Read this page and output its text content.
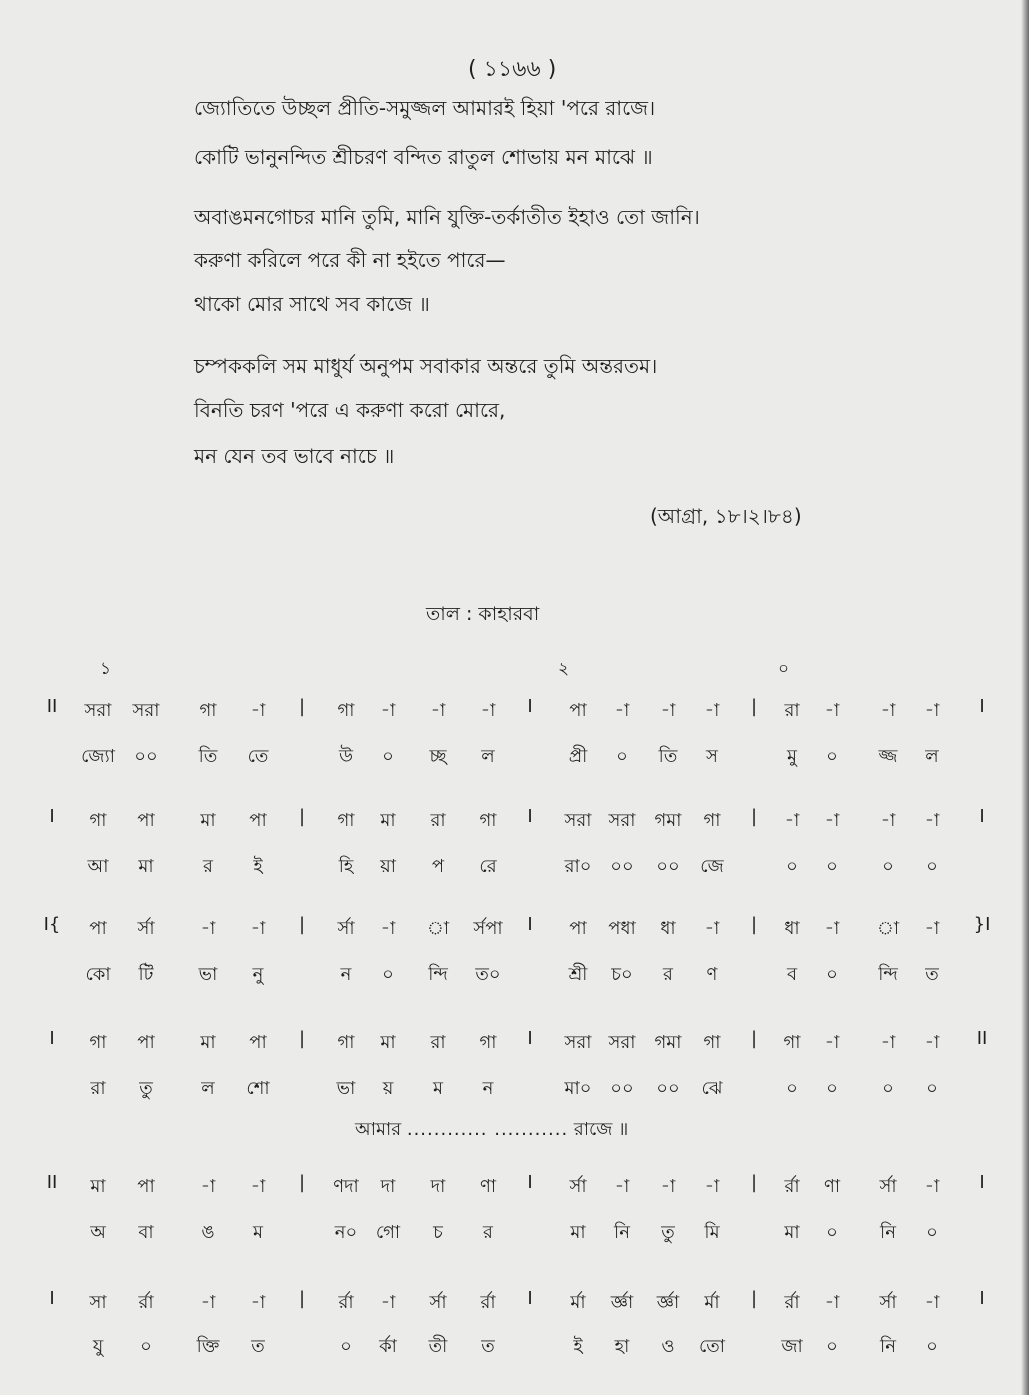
( ১১৬৬ )
জ্যোতিতে উচ্ছল প্রীতি-সমুজ্জল আমারই হিয়া 'পরে রাজে।
কোটি ভানুনন্দিত শ্রীচরণ বন্দিত রাতুল শোভায় মন মাঝে ॥
অবাঙমনগোচর মানি তুমি, মানি যুক্তি-তর্কাতীত ইহাও তো জানি।
করুণা করিলে পরে কী না হইতে পারে—
থাকো মোর সাথে সব কাজে ॥
চম্পককলি সম মাধুর্য অনুপম সবাকার অন্তরে তুমি অন্তরতম।
বিনতি চরণ 'পরে এ করুণা করো মোরে,
মন যেন তব ভাবে নাচে ॥
(আগ্রা, ১৮।২।৮৪)
তাল : কাহারবা
১	২	০
II সরা সরা গা -া | গা -া -া -া I পা -া -া -া | রা -া -া -া I
জ্যো ০০ তি তে	উ ০ চ্ছ ল	প্রী ০ তি স	মু ০ জ্জ ল
I গা পা	মা পা | গা মা রা গা I সরা সরা গমা গা | -া -া -া -া I
আ মা	র ই	হি য়া প রে	রা০ ০০ ০০ জে	০ ০ ০ ০
I{ পা র্সা	-া -া | র্সা -া া র্সপা I পা পধা ধা -া | ধা -া া -া }I
কো টি	ভা নু	ন ০ ন্দি ত০	শ্রী চ০ র ণ	ব ০ ন্দি ত
I গা পা	মা পা | গা মা রা গা I সরা সরা গমা গা | গা -া -া -া II
রা তু	ল শো	ভা য় ম ন	মা০ ০০ ০০ ঝে	০ ০ ০ ০
আমার ............ ........... রাজে ॥
II মা পা	-া -া | ণদা দা দা ণা I র্সা -া -া -া | র্রা ণা র্সা -া I
অ বা	ঙ ম	ন০ গো চ র	মা নি তু মি	মা ০ নি ০
I সা র্রা	-া -া | র্রা -া র্সা র্রা I র্মা র্জ্ঞা র্জ্ঞা র্মা | র্রা -া র্সা -া I
যু ০ ক্তি ত	০ র্কা তী ত	ই হা ও তো	জা ০ নি ০
